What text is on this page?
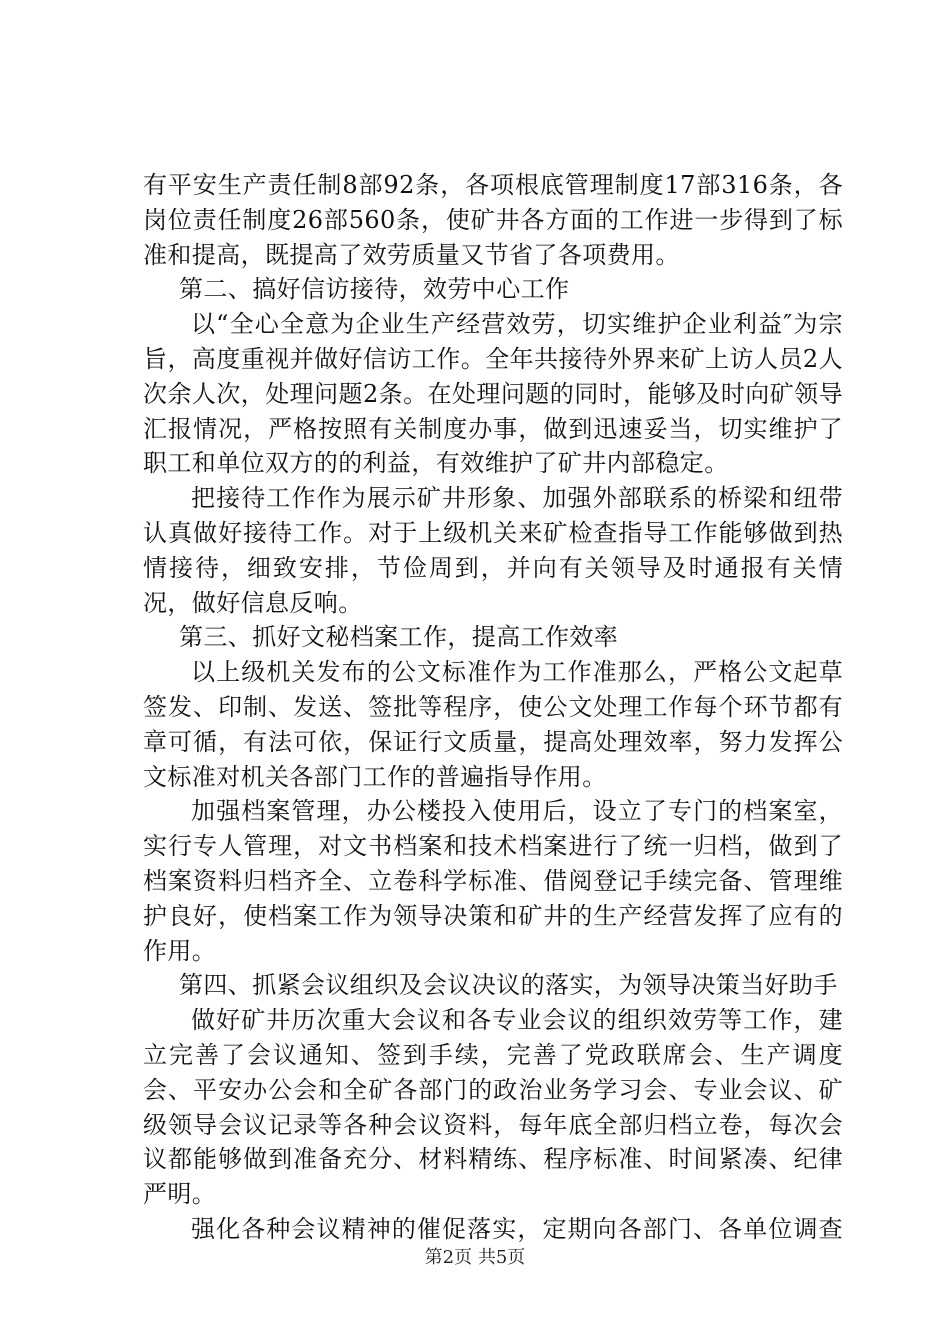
有平安生产责任制8部92条，各项根底管理制度17部316条，各岗位责任制度26部560条，使矿井各方面的工作进一步得到了标准和提高，既提高了效劳质量又节省了各项费用。

第二、搞好信访接待，效劳中心工作

以“全心全意为企业生产经营效劳，切实维护企业利益″为宗旨，高度重视并做好信访工作。全年共接待外界来矿上访人员2人次余人次，处理问题2条。在处理问题的同时，能够及时向矿领导汇报情况，严格按照有关制度办事，做到迅速妥当，切实维护了职工和单位双方的的利益，有效维护了矿井内部稳定。

把接待工作作为展示矿井形象、加强外部联系的桥梁和纽带认真做好接待工作。对于上级机关来矿检查指导工作能够做到热情接待，细致安排，节俭周到，并向有关领导及时通报有关情况，做好信息反响。

第三、抓好文秘档案工作，提高工作效率

以上级机关发布的公文标准作为工作准那么，严格公文起草签发、印制、发送、签批等程序，使公文处理工作每个环节都有章可循，有法可依，保证行文质量，提高处理效率，努力发挥公文标准对机关各部门工作的普遍指导作用。

加强档案管理，办公楼投入使用后，设立了专门的档案室，实行专人管理，对文书档案和技术档案进行了统一归档，做到了档案资料归档齐全、立卷科学标准、借阅登记手续完备、管理维护良好，使档案工作为领导决策和矿井的生产经营发挥了应有的作用。

第四、抓紧会议组织及会议决议的落实，为领导决策当好助手

做好矿井历次重大会议和各专业会议的组织效劳等工作，建立完善了会议通知、签到手续，完善了党政联席会、生产调度会、平安办公会和全矿各部门的政治业务学习会、专业会议、矿级领导会议记录等各种会议资料，每年底全部归档立卷，每次会议都能够做到准备充分、材料精练、程序标准、时间紧凑、纪律严明。

强化各种会议精神的催促落实，定期向各部门、各单位调查

第2页 共5页
